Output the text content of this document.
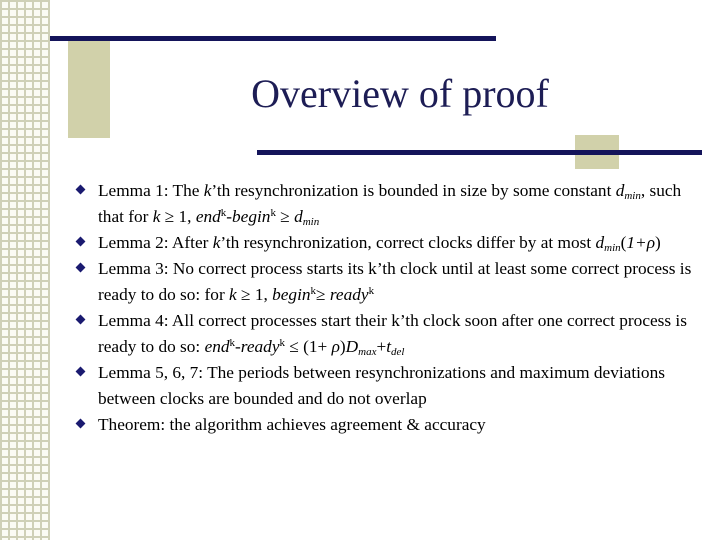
Overview of proof
Lemma 1: The k’th resynchronization is bounded in size by some constant $d_{min}$, such that for k ≥ 1, end$^k$-begin$^k$ ≥ $d_{min}$
Lemma 2: After k’th resynchronization, correct clocks differ by at most $d_{min}(1+\rho)$
Lemma 3: No correct process starts its k’th clock until at least some correct process is ready to do so: for k ≥ 1, begin$^k$≥ ready$^k$
Lemma 4: All correct processes start their k’th clock soon after one correct process is ready to do so: end$^k$-ready$^k$ ≤ $(1+ \rho)D_{max}+t_{del}$
Lemma 5, 6, 7: The periods between resynchronizations and maximum deviations between clocks are bounded and do not overlap
Theorem: the algorithm achieves agreement & accuracy
